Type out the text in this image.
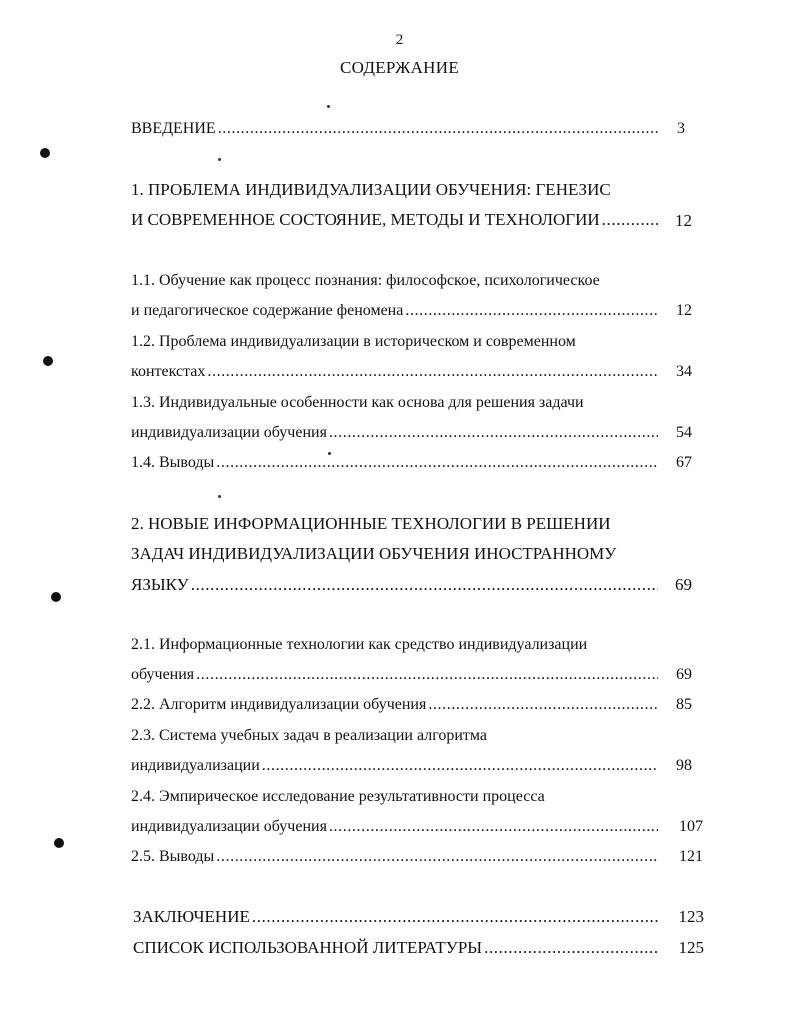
2
СОДЕРЖАНИЕ
ВВЕДЕНИЕ .....	3
1. ПРОБЛЕМА ИНДИВИДУАЛИЗАЦИИ ОБУЧЕНИЯ: ГЕНЕЗИС
И СОВРЕМЕННОЕ СОСТОЯНИЕ, МЕТОДЫ И ТЕХНОЛОГИИ .....	12
1.1. Обучение как процесс познания: философское, психологическое
и педагогическое содержание феномена .....	12
1.2. Проблема индивидуализации в историческом и современном
контекстах .....	34
1.3. Индивидуальные особенности как основа для решения задачи
индивидуализации обучения .....	54
1.4. Выводы .....	67
2. НОВЫЕ ИНФОРМАЦИОННЫЕ ТЕХНОЛОГИИ В РЕШЕНИИ
ЗАДАЧ ИНДИВИДУАЛИЗАЦИИ ОБУЧЕНИЯ ИНОСТРАННОМУ
ЯЗЫКУ .....	69
2.1. Информационные технологии как средство индивидуализации
обучения .....	69
2.2. Алгоритм индивидуализации обучения .....	85
2.3. Система учебных задач в реализации алгоритма
индивидуализации .....	98
2.4. Эмпирическое исследование результативности процесса
индивидуализации обучения .....	107
2.5. Выводы .....	121
ЗАКЛЮЧЕНИЕ .....	123
СПИСОК ИСПОЛЬЗОВАННОЙ ЛИТЕРАТУРЫ .....	125
